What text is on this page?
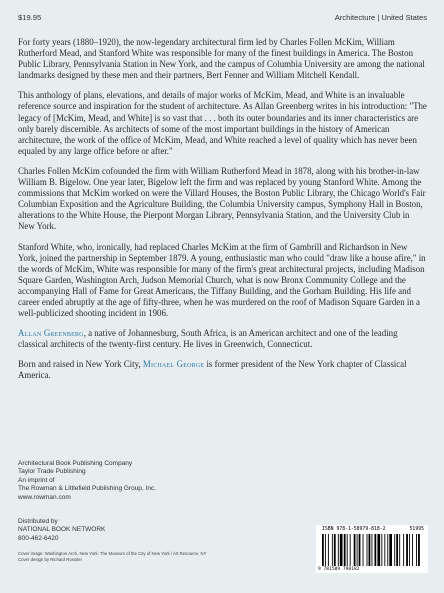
$19.95	Architecture | United States

For forty years (1880–1920), the now-legendary architectural firm led by Charles Follen McKim, William Rutherford Mead, and Stanford White was responsible for many of the finest buildings in America. The Boston Public Library, Pennsylvania Station in New York, and the campus of Columbia University are among the national landmarks designed by these men and their partners, Bert Fenner and William Mitchell Kendall.

This anthology of plans, elevations, and details of major works of McKim, Mead, and White is an invaluable reference source and inspiration for the student of architecture. As Allan Greenberg writes in his introduction: "The legacy of [McKim, Mead, and White] is so vast that . . . both its outer boundaries and its inner characteristics are only barely discernible. As architects of some of the most important buildings in the history of American architecture, the work of the office of McKim, Mead, and White reached a level of quality which has never been equaled by any large office before or after."

Charles Follen McKim cofounded the firm with William Rutherford Mead in 1878, along with his brother-in-law William B. Bigelow. One year later, Bigelow left the firm and was replaced by young Stanford White. Among the commissions that McKim worked on were the Villard Houses, the Boston Public Library, the Chicago World's Fair Columbian Exposition and the Agriculture Building, the Columbia University campus, Symphony Hall in Boston, alterations to the White House, the Pierpont Morgan Library, Pennsylvania Station, and the University Club in New York.

Stanford White, who, ironically, had replaced Charles McKim at the firm of Gambrill and Richardson in New York, joined the partnership in September 1879. A young, enthusiastic man who could "draw like a house afire," in the words of McKim, White was responsible for many of the firm's great architectural projects, including Madison Square Garden, Washington Arch, Judson Memorial Church, what is now Bronx Community College and the accompanying Hall of Fame for Great Americans, the Tiffany Building, and the Gorham Building. His life and career ended abruptly at the age of fifty-three, when he was murdered on the roof of Madison Square Garden in a well-publicized shooting incident in 1906.

Allan Greenberg, a native of Johannesburg, South Africa, is an American architect and one of the leading classical architects of the twenty-first century. He lives in Greenwich, Connecticut.

Born and raised in New York City, Michael George is former president of the New York chapter of Classical America.

Architectural Book Publishing Company
Taylor Trade Publishing
An imprint of
The Rowman & Littlefield Publishing Group, Inc.
www.rowman.com
Distributed by
NATIONAL BOOK NETWORK
800-462-6420
Cover image: Washington Arch, New York. The Museum of the City of New York / Art Resource, NY
Cover design by Richard Rossiter
ISBN 978-1-58979-818-2	51995
9 781589 798182
